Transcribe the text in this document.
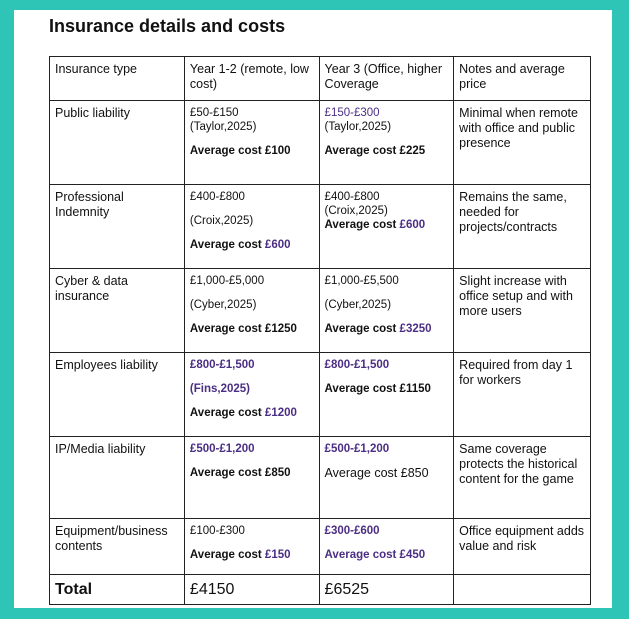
Insurance details and costs
Insurance type	Year 1-2 (remote, low cost)	Year 3 (Office, higher Coverage	Notes and average price
Public liability	£50-£150
(Taylor,2025)
Average cost £100	£150-£300
(Taylor,2025)
Average cost £225	Minimal when remote with office and public presence
Professional Indemnity	£400-£800
(Croix,2025)
Average cost £600	£400-£800
(Croix,2025)
Average cost £600	Remains the same, needed for projects/contracts
Cyber & data insurance	£1,000-£5,000
(Cyber,2025)
Average cost £1250	£1,000-£5,500
(Cyber,2025)
Average cost £3250	Slight increase with office setup and with more users
Employees liability	£800-£1,500
(Fins,2025)
Average cost £1200	£800-£1,500
Average cost £1150	Required from day 1 for workers
IP/Media liability	£500-£1,200
Average cost £850	£500-£1,200
Average cost £850	Same coverage protects the historical content for the game
Equipment/business contents	£100-£300
Average cost £150	£300-£600
Average cost £450	Office equipment adds value and risk
Total	£4150	£6525	
